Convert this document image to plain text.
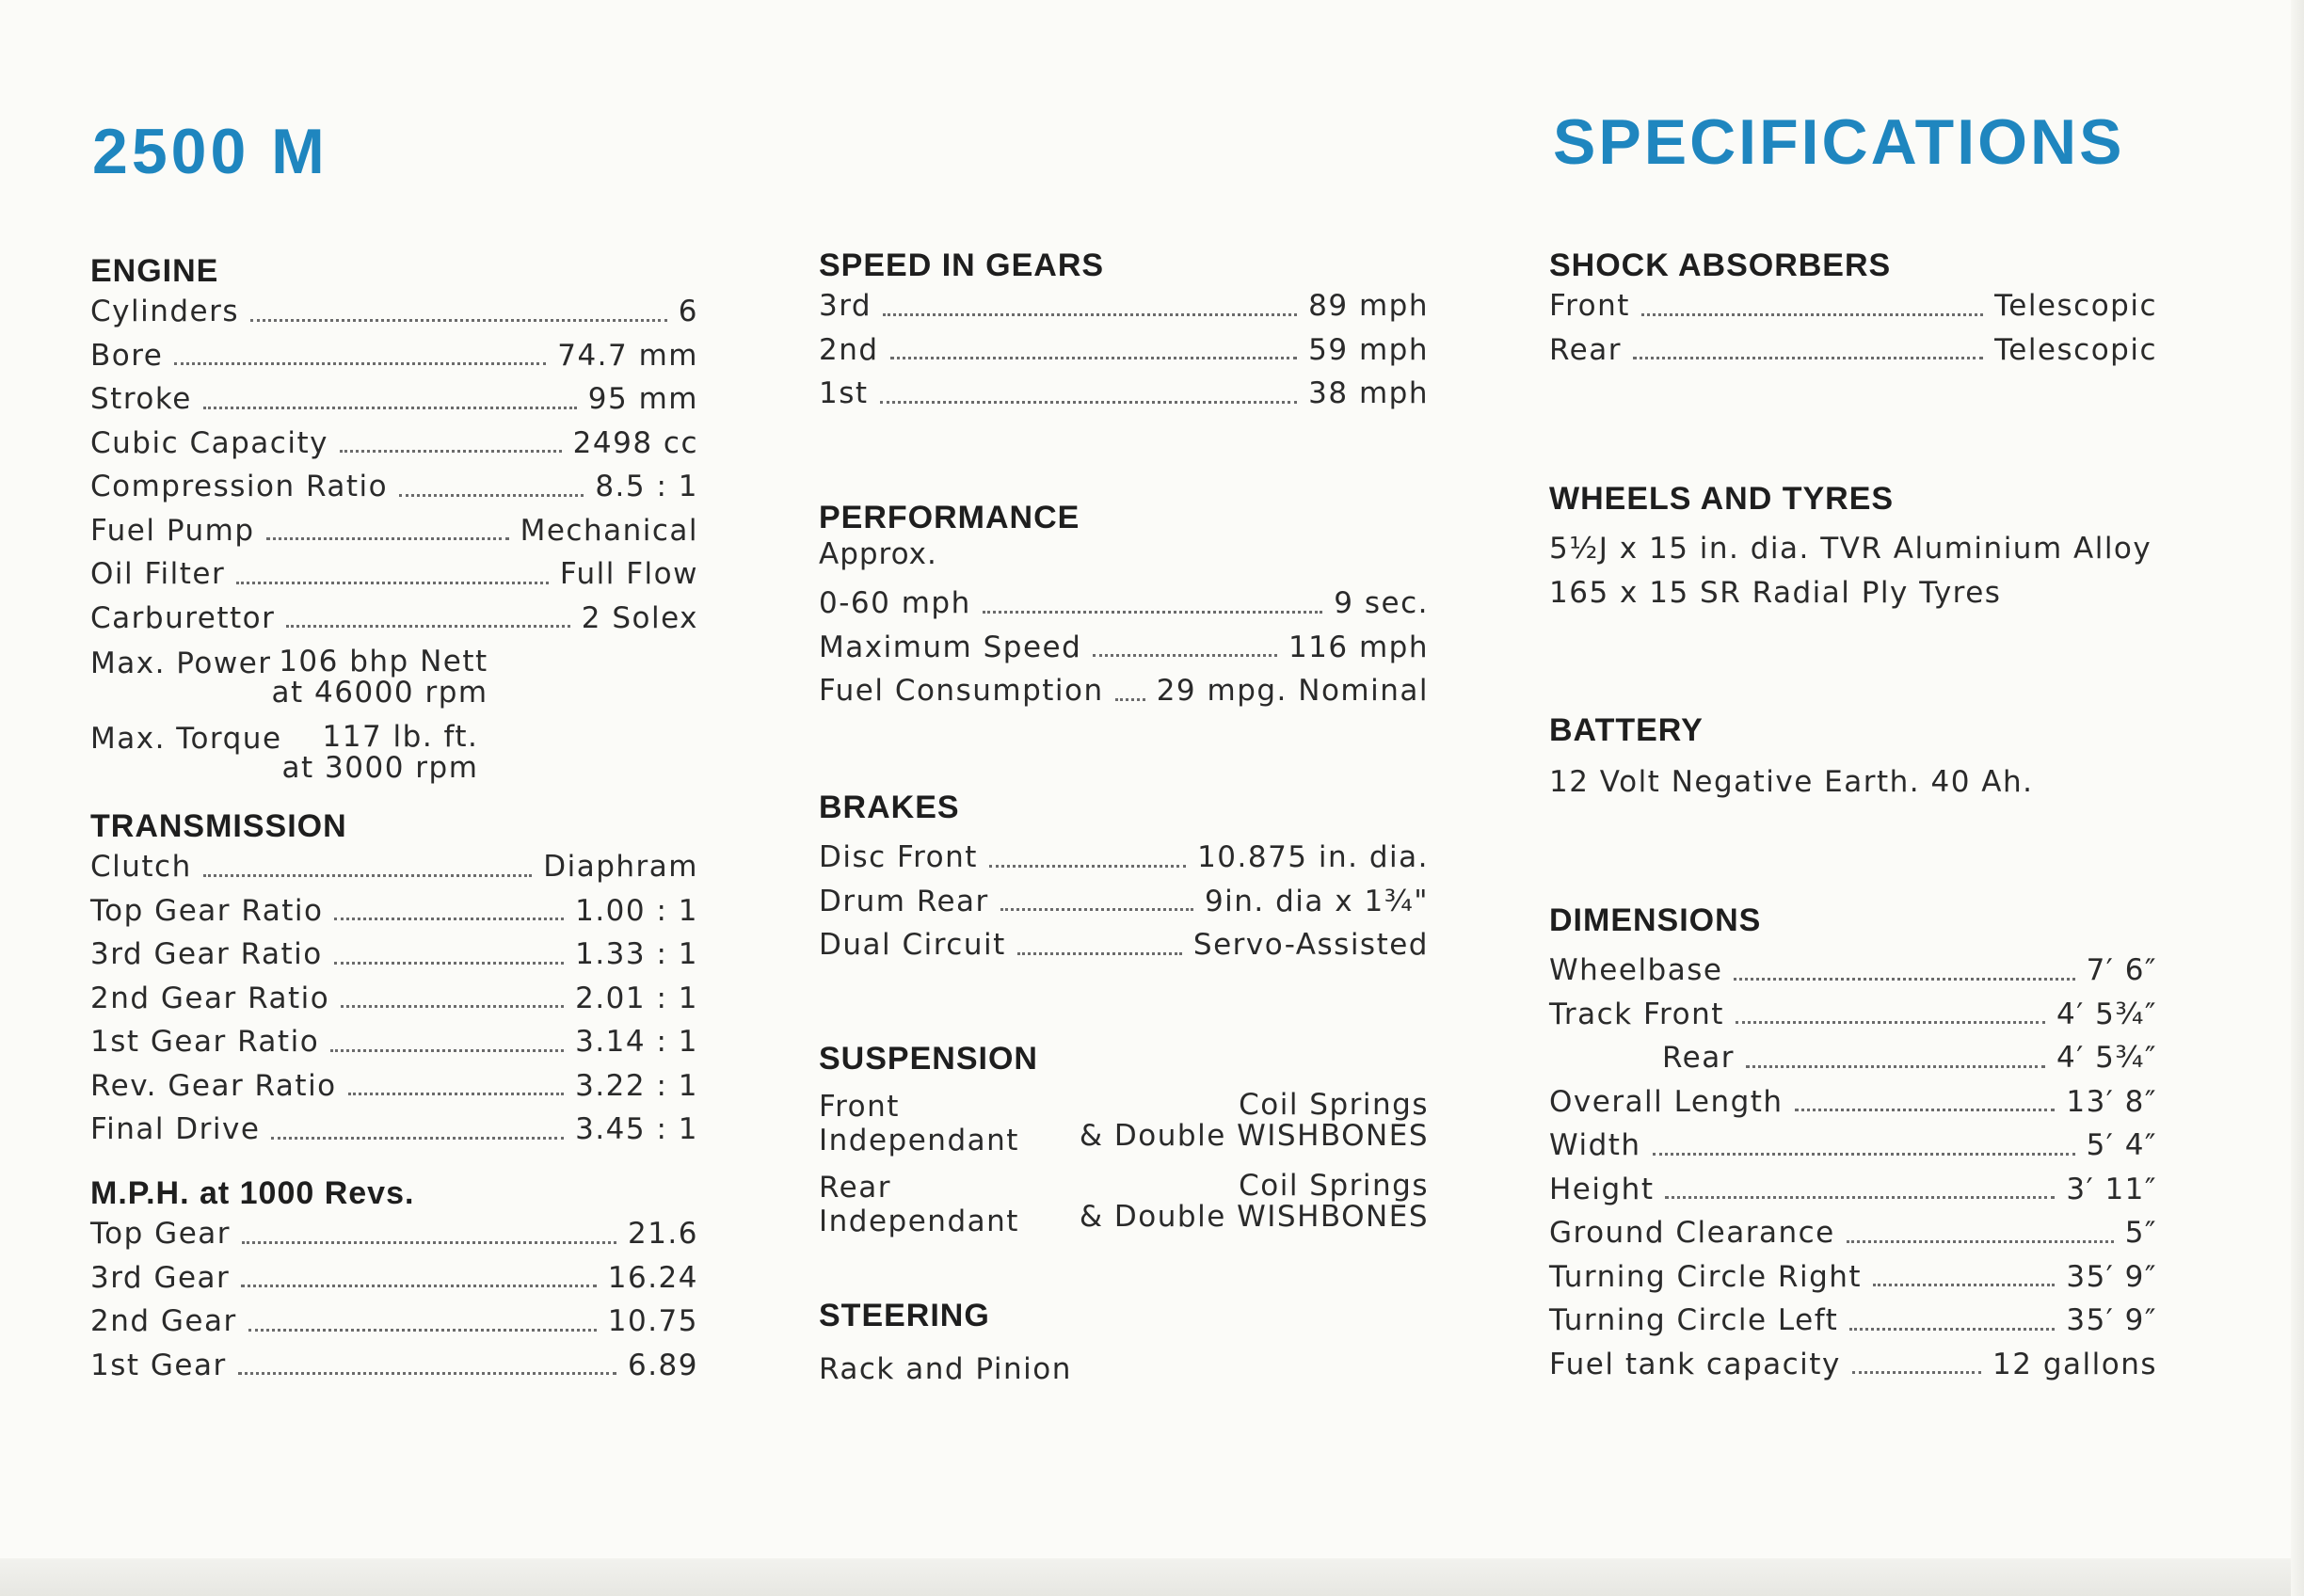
2500 M	SPECIFICATIONS
ENGINE
Cylinders	6
Bore	74.7 mm
Stroke	95 mm
Cubic Capacity	2498 cc
Compression Ratio	8.5 : 1
Fuel Pump	Mechanical
Oil Filter	Full Flow
Carburettor	2 Solex
Max. Power 106 bhp Nett
at 46000 rpm
Max. Torque 117 lb. ft.
at 3000 rpm
TRANSMISSION
Clutch	Diaphram
Top Gear Ratio	1.00 : 1
3rd Gear Ratio	1.33 : 1
2nd Gear Ratio	2.01 : 1
1st Gear Ratio	3.14 : 1
Rev. Gear Ratio	3.22 : 1
Final Drive	3.45 : 1
M.P.H. at 1000 Revs.
Top Gear	21.6
3rd Gear	16.24
2nd Gear	10.75
1st Gear	6.89
SPEED IN GEARS
3rd	89 mph
2nd	59 mph
1st	38 mph
PERFORMANCE
Approx.
0-60 mph	9 sec.
Maximum Speed	116 mph
Fuel Consumption 29 mpg. Nominal
BRAKES
Disc Front	10.875 in. dia.
Drum Rear	9in. dia x 1¾"
Dual Circuit	Servo-Assisted
SUSPENSION
Front Independant
Coil Springs
& Double WISHBONES
Rear Independant
Coil Springs
& Double WISHBONES
STEERING
Rack and Pinion
SHOCK ABSORBERS
Front	Telescopic
Rear	Telescopic
WHEELS AND TYRES
5½J x 15 in. dia. TVR Aluminium Alloy
165 x 15 SR Radial Ply Tyres
BATTERY
12 Volt Negative Earth. 40 Ah.
DIMENSIONS
Wheelbase	7′ 6″
Track Front	4′ 5¾″
Rear	4′ 5¾″
Overall Length	13′ 8″
Width	5′ 4″
Height	3′ 11″
Ground Clearance	5″
Turning Circle Right	35′ 9″
Turning Circle Left	35′ 9″
Fuel tank capacity	12 gallons
